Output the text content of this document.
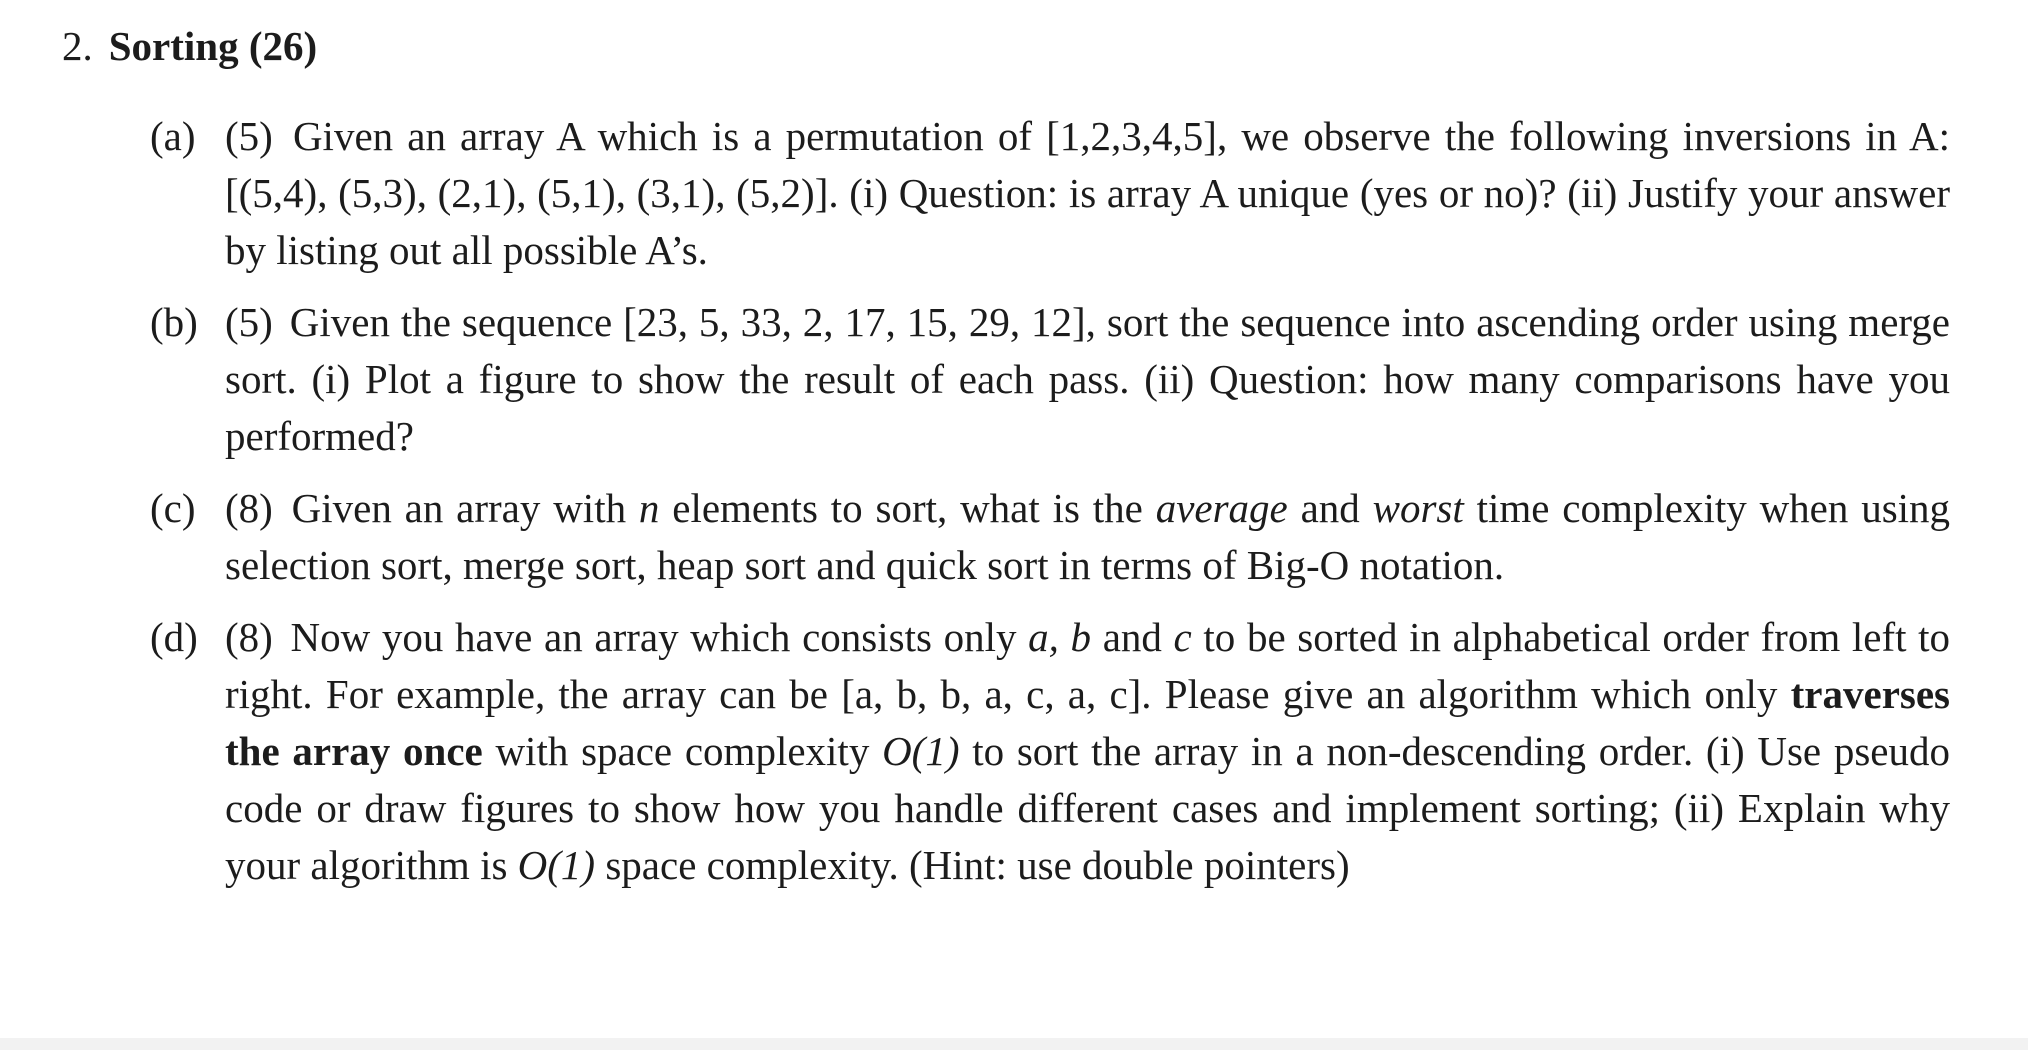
2. Sorting (26)
(a) (5) Given an array A which is a permutation of [1,2,3,4,5], we observe the following inversions in A: [(5,4), (5,3), (2,1), (5,1), (3,1), (5,2)]. (i) Question: is array A unique (yes or no)? (ii) Justify your answer by listing out all possible A’s.
(b) (5) Given the sequence [23, 5, 33, 2, 17, 15, 29, 12], sort the sequence into ascending order using merge sort. (i) Plot a figure to show the result of each pass. (ii) Question: how many comparisons have you performed?
(c) (8) Given an array with n elements to sort, what is the average and worst time complexity when using selection sort, merge sort, heap sort and quick sort in terms of Big-O notation.
(d) (8) Now you have an array which consists only a, b and c to be sorted in alphabetical order from left to right. For example, the array can be [a, b, b, a, c, a, c]. Please give an algorithm which only traverses the array once with space complexity O(1) to sort the array in a non-descending order. (i) Use pseudo code or draw figures to show how you handle different cases and implement sorting; (ii) Explain why your algorithm is O(1) space complexity. (Hint: use double pointers)
